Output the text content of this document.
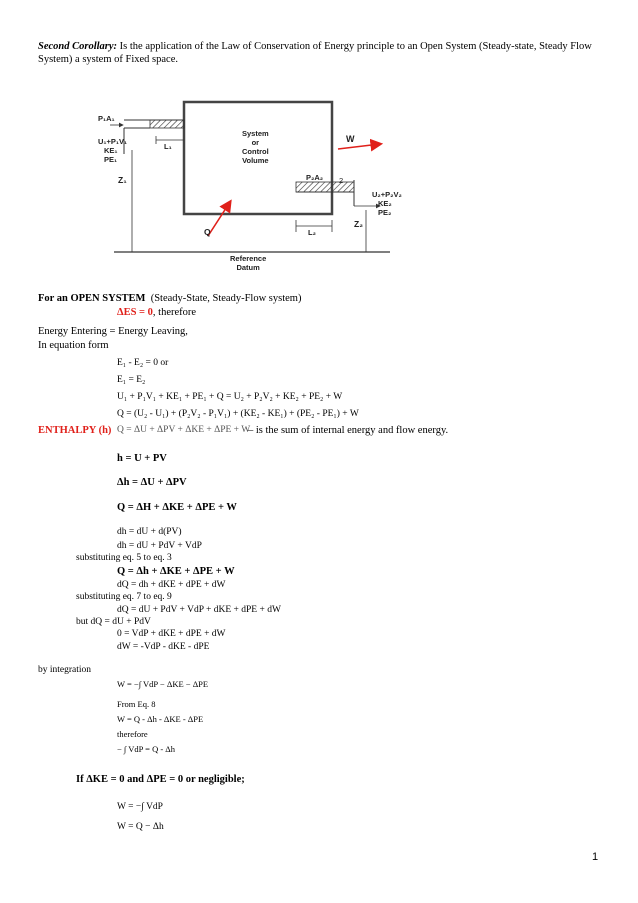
Second Corollary: Is the application of the Law of Conservation of Energy principle to an Open System (Steady-state, Steady Flow System) a system of Fixed space.
P₁A₁
U₁+P₁V₁
KE₁
PE₁
L₁
System
or
Control
Volume
W
P₂A₂ 2
U₂+P₂V₂
KE₂
PE₂
Z₁
Z₂
Q	L₂
Reference
Datum
For an OPEN SYSTEM (Steady-State, Steady-Flow system)
ΔES = 0, therefore
Energy Entering = Energy Leaving,
In equation form
E₁ - E₂ = 0 or
E₁ = E₂
U₁ + P₁V₁ + KE₁ + PE₁ + Q = U₂ + P₂V₂ + KE₂ + PE₂ + W
Q = (U₂ - U₁) + (P₂V₂ - P₁V₁) + (KE₂ - KE₁) + (PE₂ - PE₁) + W
Q = ΔU + ΔPV + ΔKE + ΔPE + W
ENTHALPY (h)	– is the sum of internal energy and flow energy.
h = U + PV
Δh = ΔU + ΔPV
Q = ΔH + ΔKE + ΔPE + W
dh = dU + d(PV)
dh = dU + PdV + VdP
substituting eq. 5 to eq. 3
Q = Δh + ΔKE + ΔPE + W
dQ = dh + dKE + dPE + dW
substituting eq. 7 to eq. 9
dQ = dU + PdV + VdP + dKE + dPE + dW
but dQ = dU + PdV
0 = VdP + dKE + dPE + dW
dW = -VdP - dKE - dPE
by integration
W = −∫ VdP − ΔKE − ΔPE
From Eq. 8
W = Q - Δh - ΔKE - ΔPE
therefore
− ∫ VdP = Q - Δh
If ΔKE = 0 and ΔPE = 0 or negligible;
W = −∫ VdP
W = Q − Δh
1
